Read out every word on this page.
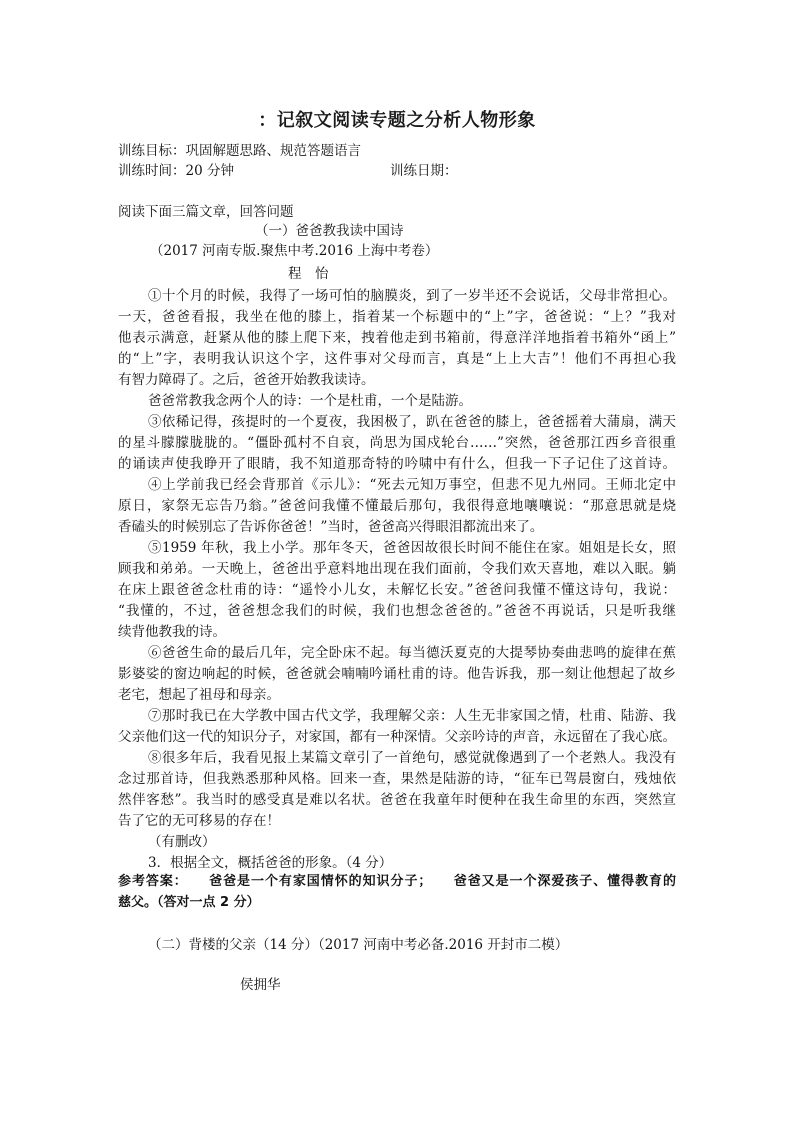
：记叙文阅读专题之分析人物形象
训练目标：巩固解题思路、规范答题语言
训练时间：20 分钟	训练日期：
阅读下面三篇文章，回答问题
（一）爸爸教我读中国诗
（2017 河南专版.聚焦中考.2016 上海中考卷）
程　怡
①十个月的时候，我得了一场可怕的脑膜炎，到了一岁半还不会说话，父母非常担心。
一天，爸爸看报，我坐在他的膝上，指着某一个标题中的“上”字，爸爸说：“上？”我对
他表示满意，赶紧从他的膝上爬下来，拽着他走到书箱前，得意洋洋地指着书箱外“函上”
的“上”字，表明我认识这个字，这件事对父母而言，真是“上上大吉”！他们不再担心我
有智力障碍了。之后，爸爸开始教我读诗。
爸爸常教我念两个人的诗：一个是杜甫，一个是陆游。
③依稀记得，孩提时的一个夏夜，我困极了，趴在爸爸的膝上，爸爸摇着大蒲扇，满天
的星斗朦朦胧胧的。“僵卧孤村不自哀，尚思为国戍轮台……”突然，爸爸那江西乡音很重
的诵读声使我睁开了眼睛，我不知道那奇特的吟啸中有什么，但我一下子记住了这首诗。
④上学前我已经会背那首《示儿》：“死去元知万事空，但悲不见九州同。王师北定中
原日，家祭无忘告乃翁。”爸爸问我懂不懂最后那句，我很得意地嚷嚷说：“那意思就是烧
香磕头的时候别忘了告诉你爸爸！”当时，爸爸高兴得眼泪都流出来了。
⑤1959 年秋，我上小学。那年冬天，爸爸因故很长时间不能住在家。姐姐是长女，照
顾我和弟弟。一天晚上，爸爸出乎意料地出现在我们面前，令我们欢天喜地，难以入眠。躺
在床上跟爸爸念杜甫的诗：“遥怜小儿女，未解忆长安。”爸爸问我懂不懂这诗句，我说：
“我懂的，不过，爸爸想念我们的时候，我们也想念爸爸的。”爸爸不再说话，只是听我继
续背他教我的诗。
⑥爸爸生命的最后几年，完全卧床不起。每当德沃夏克的大提琴协奏曲悲鸣的旋律在蕉
影婆娑的窗边响起的时候，爸爸就会喃喃吟诵杜甫的诗。他告诉我，那一刻让他想起了故乡
老宅，想起了祖母和母亲。
⑦那时我已在大学教中国古代文学，我理解父亲：人生无非家国之情，杜甫、陆游、我
父亲他们这一代的知识分子，对家国，都有一种深情。父亲吟诗的声音，永远留在了我心底。
⑧很多年后，我看见报上某篇文章引了一首绝句，感觉就像遇到了一个老熟人。我没有
念过那首诗，但我熟悉那种风格。回来一查，果然是陆游的诗，“征车已驾晨窗白，残烛依
然伴客愁”。我当时的感受真是难以名状。爸爸在我童年时便种在我生命里的东西，突然宣
告了它的无可移易的存在！
（有删改）
3．根据全文，概括爸爸的形象。（4 分）
参考答案：　　爸爸是一个有家国情怀的知识分子；　　爸爸又是一个深爱孩子、懂得教育的
慈父。（答对一点 2 分）
（二）背楼的父亲（14 分）（2017 河南中考必备.2016 开封市二模）
侯拥华
